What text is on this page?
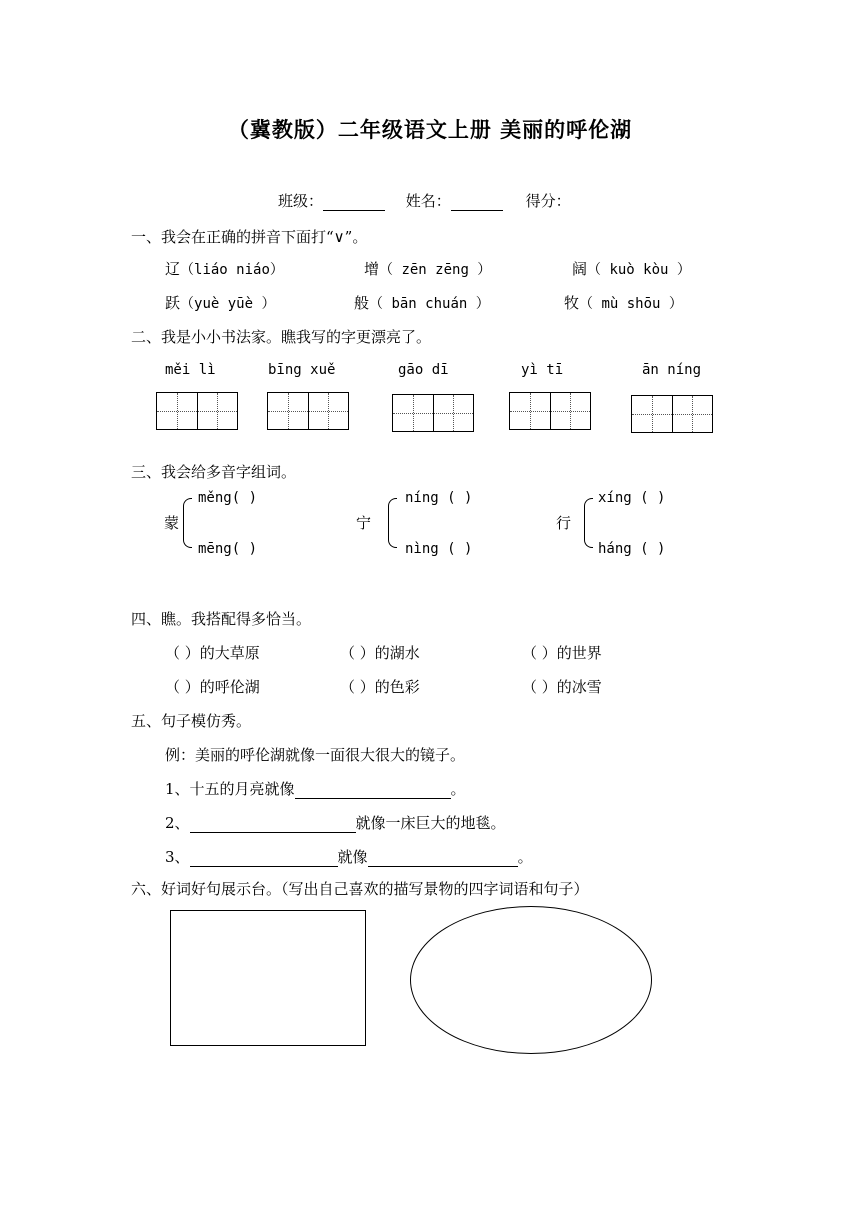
（冀教版）二年级语文上册 美丽的呼伦湖
班级：	姓名：	得分：
一、我会在正确的拼音下面打“∨”。
辽（liáo niáo）	增（ zēn zēng ）	阔（ kuò kòu ）
跃（yuè yūè ）	般（ bān chuán ）	牧（ mù shōu ）
二、我是小小书法家。瞧我写的字更漂亮了。
měi lì	bīng xuě	gāo dī	yì tī	ān níng
三、我会给多音字组词。
蒙
měng( )
mēng( )
宁
níng ( )
nìng ( )
行
xíng ( )
háng ( )
四、瞧。我搭配得多恰当。
（ ）的大草原	（ ）的湖水	（ ）的世界
（ ）的呼伦湖	（ ）的色彩	（ ）的冰雪
五、句子模仿秀。
例：美丽的呼伦湖就像一面很大很大的镜子。
1、十五的月亮就像	。
2、	就像一床巨大的地毯。
3、	就像	。
六、好词好句展示台。（写出自己喜欢的描写景物的四字词语和句子）
